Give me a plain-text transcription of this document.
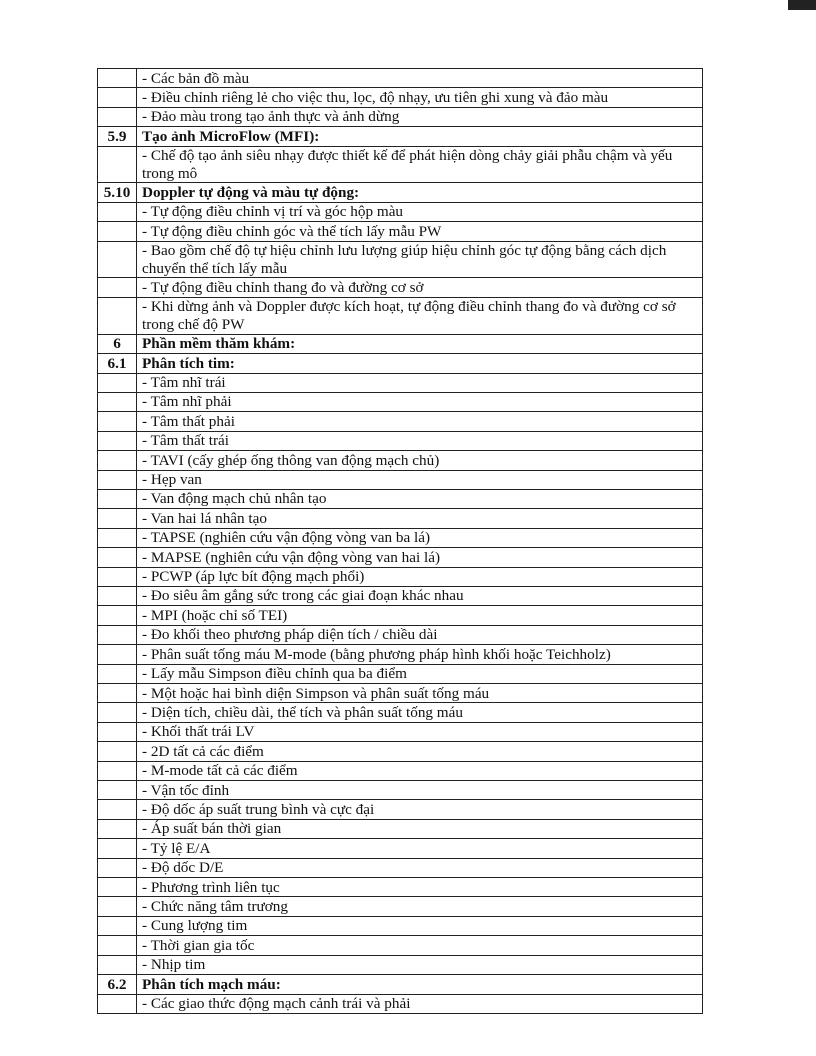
	- Các bản đồ màu
	- Điều chỉnh riêng lẻ cho việc thu, lọc, độ nhạy, ưu tiên ghi xung và đảo màu
	- Đảo màu trong tạo ảnh thực và ảnh dừng
5.9	Tạo ảnh MicroFlow (MFI):
	- Chế độ tạo ảnh siêu nhạy được thiết kế để phát hiện dòng chảy giải phẫu chậm và yếu trong mô
5.10	Doppler tự động và màu tự động:
	- Tự động điều chỉnh vị trí và góc hộp màu
	- Tự động điều chỉnh góc và thể tích lấy mẫu PW
	- Bao gồm chế độ tự hiệu chỉnh lưu lượng giúp hiệu chỉnh góc tự động bằng cách dịch chuyển thể tích lấy mẫu
	- Tự động điều chỉnh thang đo và đường cơ sở
	- Khi dừng ảnh và Doppler được kích hoạt, tự động điều chỉnh thang đo và đường cơ sở trong chế độ PW
6	Phần mềm thăm khám:
6.1	Phân tích tim:
	- Tâm nhĩ trái
	- Tâm nhĩ phải
	- Tâm thất phải
	- Tâm thất trái
	- TAVI (cấy ghép ống thông van động mạch chủ)
	- Hẹp van
	- Van động mạch chủ nhân tạo
	- Van hai lá nhân tạo
	- TAPSE (nghiên cứu vận động vòng van ba lá)
	- MAPSE (nghiên cứu vận động vòng van hai lá)
	- PCWP (áp lực bít động mạch phổi)
	- Đo siêu âm gắng sức trong các giai đoạn khác nhau
	- MPI (hoặc chỉ số TEI)
	- Đo khối theo phương pháp diện tích / chiều dài
	- Phân suất tống máu M-mode (bằng phương pháp hình khối hoặc Teichholz)
	- Lấy mẫu Simpson điều chỉnh qua ba điểm
	- Một hoặc hai bình diện Simpson và phân suất tống máu
	- Diện tích, chiều dài, thể tích và phân suất tống máu
	- Khối thất trái LV
	- 2D tất cả các điểm
	- M-mode tất cả các điểm
	- Vận tốc đỉnh
	- Độ dốc áp suất trung bình và cực đại
	- Áp suất bán thời gian
	- Tỷ lệ E/A
	- Độ dốc D/E
	- Phương trình liên tục
	- Chức năng tâm trương
	- Cung lượng tim
	- Thời gian gia tốc
	- Nhịp tim
6.2	Phân tích mạch máu:
	- Các giao thức động mạch cảnh trái và phải
